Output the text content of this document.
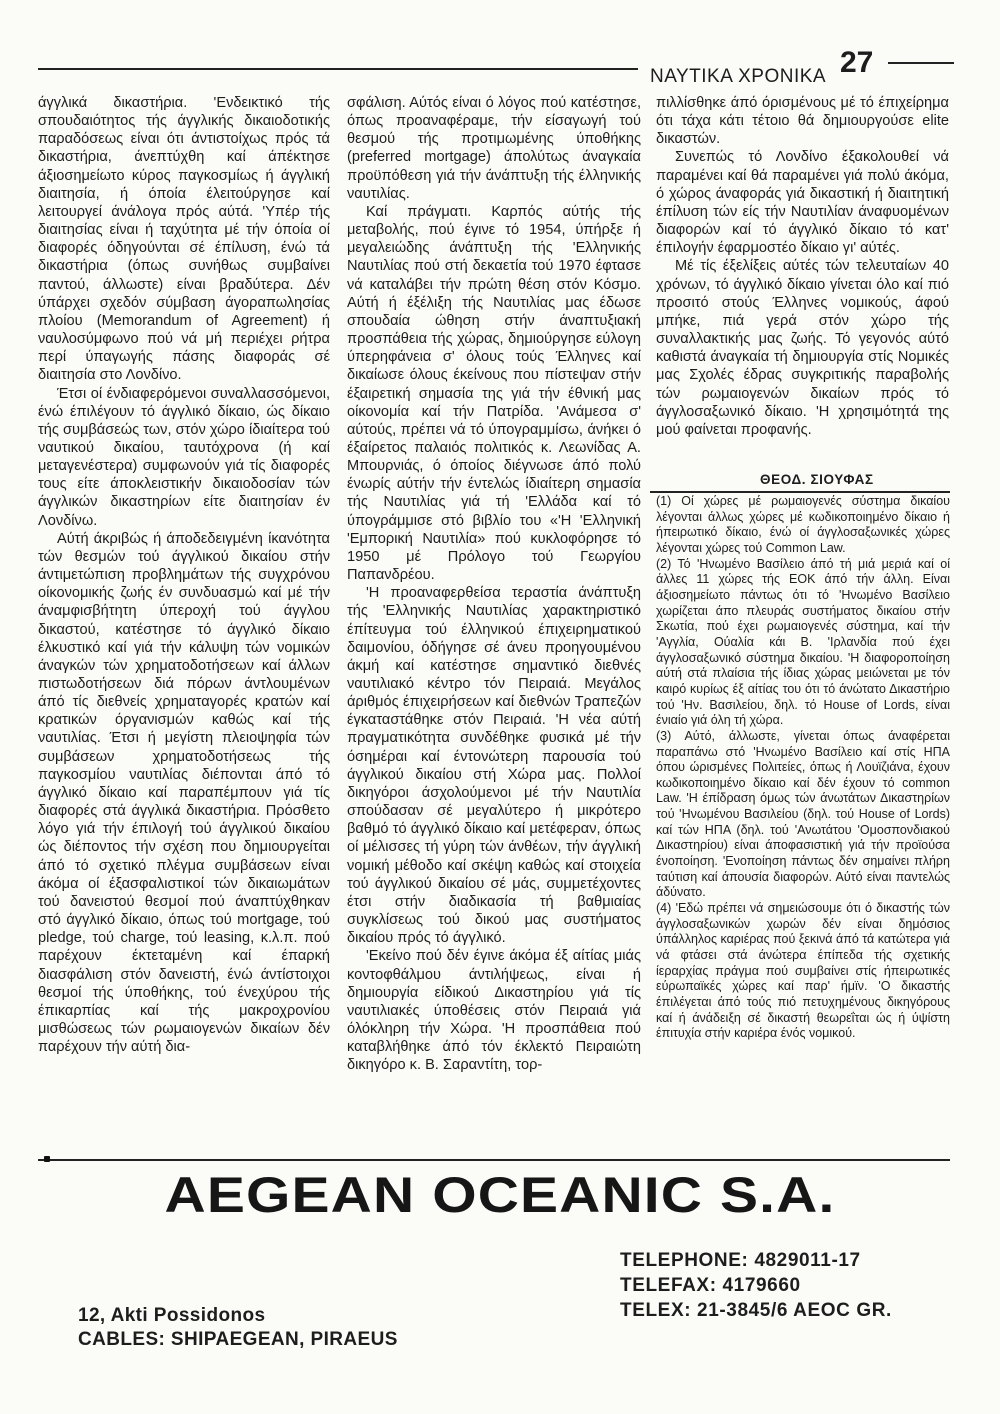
ΝΑΥΤΙΚΑ ΧΡΟΝΙΚΑ 27

άγγλικά δικαστήρια. 'Ενδεικτικό τής σπουδαιότητος τής άγγλικής δικαιοδοτικής παραδόσεως είναι ότι άντιστοίχως πρός τά δικαστήρια, άνεπτύχθη καί άπέκτησε άξιοσημείωτο κύρος παγκοσμίως ή άγγλική διαιτησία, ή όποία έλειτούργησε καί λειτουργεί άνάλογα πρός αύτά. 'Υπέρ τής διαιτησίας είναι ή ταχύτητα μέ τήν όποία οί διαφορές όδηγούνται σέ έπίλυση, ένώ τά δικαστήρια (όπως συνήθως συμβαίνει παντού, άλλωστε) είναι βραδύτερα. Δέν ύπάρχει σχεδόν σύμβαση άγοραπωλησίας πλοίου (Memorandum of Agreement) ή ναυλοσύμφωνο πού νά μή περιέχει ρήτρα περί ύπαγωγής πάσης διαφοράς σέ διαιτησία στο Λονδίνο.

Έτσι οί ένδιαφερόμενοι συναλλασσόμενοι, ένώ έπιλέγουν τό άγγλικό δίκαιο, ώς δίκαιο τής συμβάσεώς των, στόν χώρο ίδιαίτερα τού ναυτικού δικαίου, ταυτόχρονα (ή καί μεταγενέστερα) συμφωνούν γιά τίς διαφορές τους είτε άποκλειστικήν δικαιοδοσίαν τών άγγλικών δικαστηρίων είτε διαιτησίαν έν Λονδίνω.

Αύτή άκριβώς ή άποδεδειγμένη ίκανότητα τών θεσμών τού άγγλικού δικαίου στήν άντιμετώπιση προβλημάτων τής συγχρόνου οίκονομικής ζωής έν συνδυασμώ καί μέ τήν άναμφισβήτητη ύπεροχή τού άγγλου δικαστού, κατέστησε τό άγγλικό δίκαιο έλκυστικό καί γιά τήν κάλυψη τών νομικών άναγκών τών χρηματοδοτήσεων καί άλλων πιστωδοτήσεων διά πόρων άντλουμένων άπό τίς διεθνείς χρηματαγορές κρατών καί κρατικών όργανισμών καθώς καί τής ναυτιλίας. Έτσι ή μεγίστη πλειοψηφία τών συμβάσεων χρηματοδοτήσεως τής παγκοσμίου ναυτιλίας διέπονται άπό τό άγγλικό δίκαιο καί παραπέμπουν γιά τίς διαφορές στά άγγλικά δικαστήρια. Πρόσθετο λόγο γιά τήν έπιλογή τού άγγλικού δικαίου ώς διέποντος τήν σχέση που δημιουργείται άπό τό σχετικό πλέγμα συμβάσεων είναι άκόμα οί έξασφαλιστικοί τών δικαιωμάτων τού δανειστού θεσμοί πού άναπτύχθηκαν στό άγγλικό δίκαιο, όπως τού mortgage, τού pledge, τού charge, τού leasing, κ.λ.π. πού παρέχουν έκτεταμένη καί έπαρκή διασφάλιση στόν δανειστή, ένώ άντίστοιχοι θεσμοί τής ύποθήκης, τού ένεχύρου τής έπικαρπίας καί τής μακροχρονίου μισθώσεως τών ρωμαιογενών δικαίων δέν παρέχουν τήν αύτή δια-

σφάλιση. Αύτός είναι ό λόγος πού κατέστησε, όπως προαναφέραμε, τήν είσαγωγή τού θεσμού τής προτιμωμένης ύποθήκης (preferred mortgage) άπολύτως άναγκαία προϋπόθεση γιά τήν άνάπτυξη τής έλληνικής ναυτιλίας.

Καί πράγματι. Καρπός αύτής τής μεταβολής, πού έγινε τό 1954, ύπήρξε ή μεγαλειώδης άνάπτυξη τής 'Ελληνικής Ναυτιλίας πού στή δεκαετία τού 1970 έφτασε νά καταλάβει τήν πρώτη θέση στόν Κόσμο. Αύτή ή έξέλιξη τής Ναυτιλίας μας έδωσε σπουδαία ώθηση στήν άναπτυξιακή προσπάθεια τής χώρας, δημιούργησε εύλογη ύπερηφάνεια σ' όλους τούς Έλληνες καί δικαίωσε όλους έκείνους που πίστεψαν στήν έξαιρετική σημασία της γιά τήν έθνική μας οίκονομία καί τήν Πατρίδα. 'Ανάμεσα σ' αύτούς, πρέπει νά τό ύπογραμμίσω, άνήκει ό έξαίρετος παλαιός πολιτικός κ. Λεωνίδας Α. Μπουρνιάς, ό όποίος διέγνωσε άπό πολύ ένωρίς αύτήν τήν έντελώς ίδιαίτερη σημασία τής Ναυτιλίας γιά τή 'Ελλάδα καί τό ύπογράμμισε στό βιβλίο του «'Η 'Ελληνική 'Εμπορική Ναυτιλία» πού κυκλοφόρησε τό 1950 μέ Πρόλογο τού Γεωργίου Παπανδρέου.

'Η προαναφερθείσα τεραστία άνάπτυξη τής 'Ελληνικής Ναυτιλίας χαρακτηριστικό έπίτευγμα τού έλληνικού έπιχειρηματικού δαιμονίου, όδήγησε σέ άνευ προηγουμένου άκμή καί κατέστησε σημαντικό διεθνές ναυτιλιακό κέντρο τόν Πειραιά. Μεγάλος άριθμός έπιχειρήσεων καί διεθνών Τραπεζών έγκαταστάθηκε στόν Πειραιά. 'Η νέα αύτή πραγματικότητα συνδέθηκε φυσικά μέ τήν όσημέραι καί έντονώτερη παρουσία τού άγγλικού δικαίου στή Χώρα μας. Πολλοί δικηγόροι άσχολούμενοι μέ τήν Ναυτιλία σπούδασαν σέ μεγαλύτερο ή μικρότερο βαθμό τό άγγλικό δίκαιο καί μετέφεραν, όπως οί μέλισσες τή γύρη τών άνθέων, τήν άγγλική νομική μέθοδο καί σκέψη καθώς καί στοιχεία τού άγγλικού δικαίου σέ μάς, συμμετέχοντες έτσι στήν διαδικασία τή βαθμιαίας συγκλίσεως τού δικού μας συστήματος δικαίου πρός τό άγγλικό.

'Εκείνο πού δέν έγινε άκόμα έξ αίτίας μιάς κοντοφθάλμου άντιλήψεως, είναι ή δημιουργία είδικού Δικαστηρίου γιά τίς ναυτιλιακές ύποθέσεις στόν Πειραιά γιά όλόκληρη τήν Χώρα. 'Η προσπάθεια πού καταβλήθηκε άπό τόν έκλεκτό Πειραιώτη δικηγόρο κ. Β. Σαραντίτη, τορ-

πιλλίσθηκε άπό όρισμένους μέ τό έπιχείρημα ότι τάχα κάτι τέτοιο θά δημιουργούσε elite δικαστών.

Συνεπώς τό Λονδίνο έξακολουθεί νά παραμένει καί θά παραμένει γιά πολύ άκόμα, ό χώρος άναφοράς γιά δικαστική ή διαιτητική έπίλυση τών είς τήν Ναυτιλίαν άναφυομένων διαφορών καί τό άγγλικό δίκαιο τό κατ' έπιλογήν έφαρμοστέο δίκαιο γι' αύτές.

Μέ τίς έξελίξεις αύτές τών τελευταίων 40 χρόνων, τό άγγλικό δίκαιο γίνεται όλο καί πιό προσιτό στούς Έλληνες νομικούς, άφού μπήκε, πιά γερά στόν χώρο τής συναλλακτικής μας ζωής. Τό γεγονός αύτό καθιστά άναγκαία τή δημιουργία στίς Νομικές μας Σχολές έδρας συγκριτικής παραβολής τών ρωμαιογενών δικαίων πρός τό άγγλοσαξωνικό δίκαιο. 'Η χρησιμότητά της μού φαίνεται προφανής.

ΘΕΟΔ. ΣΙΟΥΦΑΣ

(1) Οί χώρες μέ ρωμαιογενές σύστημα δικαίου λέγονται άλλως χώρες μέ κωδικοποιημένο δίκαιο ή ήπειρωτικό δίκαιο, ένώ οί άγγλοσαξωνικές χώρες λέγονται χώρες τού Common Law.

(2) Τό 'Ηνωμένο Βασίλειο άπό τή μιά μεριά καί οί άλλες 11 χώρες τής ΕΟΚ άπό τήν άλλη. Είναι άξιοσημείωτο πάντως ότι τό 'Ηνωμένο Βασίλειο χωρίζεται άπο πλευράς συστήματος δικαίου στήν Σκωτία, πού έχει ρωμαιογενές σύστημα, καί τήν 'Αγγλία, Ούαλία κάι Β. 'Ιρλανδία πού έχει άγγλοσαξωνικό σύστημα δικαίου. 'Η διαφοροποίηση αύτή στά πλαίσια τής ίδιας χώρας μειώνεται με τόν καιρό κυρίως έξ αίτίας του ότι τό άνώτατο Δικαστήριο τού 'Ην. Βασιλείου, δηλ. τό House of Lords, είναι ένιαίο γιά όλη τή χώρα.

(3) Αύτό, άλλωστε, γίνεται όπως άναφέρεται παραπάνω στό 'Ηνωμένο Βασίλειο καί στίς ΗΠΑ όπου ώρισμένες Πολιτείες, όπως ή Λουϊζιάνα, έχουν κωδικοποιημένο δίκαιο καί δέν έχουν τό common Law. 'Η έπίδραση όμως τών άνωτάτων Δικαστηρίων τού 'Ηνωμένου Βασιλείου (δηλ. τού House of Lords) καί τών ΗΠΑ (δηλ. τού 'Ανωτάτου 'Ομοσπονδιακού Δικαστηρίου) είναι άποφασιστική γιά τήν προϊούσα ένοποίηση. 'Ενοποίηση πάντως δέν σημαίνει πλήρη ταύτιση καί άπουσία διαφορών. Αύτό είναι παντελώς άδύνατο.

(4) 'Εδώ πρέπει νά σημειώσουμε ότι ό δικαστής τών άγγλοσαξωνικών χωρών δέν είναι δημόσιος ύπάλληλος καριέρας πού ξεκινά άπό τά κατώτερα γιά νά φτάσει στά άνώτερα έπίπεδα τής σχετικής ίεραρχίας πράγμα πού συμβαίνει στίς ήπειρωτικές εύρωπαϊκές χώρες καί παρ' ήμϊν. 'Ο δικαστής έπιλέγεται άπό τούς πιό πετυχημένους δικηγόρους καί ή άνάδειξη σέ δικαστή θεωρεΐται ώς ή ύψίστη έπιτυχία στήν καριέρα ένός νομικού.

AEGEAN OCEANIC S.A.
TELEPHONE: 4829011-17
TELEFAX: 4179660
TELEX: 21-3845/6 AEOC GR.
12, Akti Possidonos
CABLES: SHIPAEGEAN, PIRAEUS
